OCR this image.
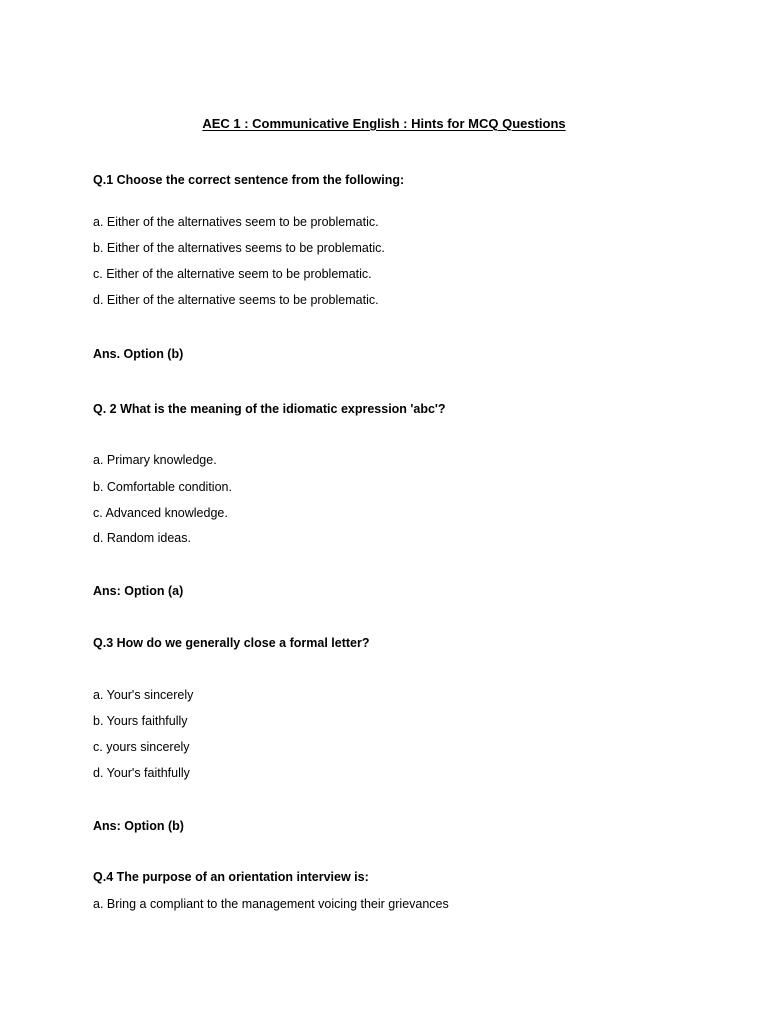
AEC 1 : Communicative English : Hints for MCQ Questions
Q.1 Choose the correct sentence from the following:
a. Either of the alternatives seem to be problematic.
b. Either of the alternatives seems to be problematic.
c. Either of the alternative seem to be problematic.
d. Either of the alternative seems to be problematic.
Ans. Option (b)
Q. 2 What is the meaning of the idiomatic expression 'abc'?
a. Primary knowledge.
b. Comfortable condition.
c. Advanced knowledge.
d. Random ideas.
Ans: Option (a)
Q.3 How do we generally close a formal letter?
a. Your's sincerely
b. Yours faithfully
c. yours sincerely
d. Your's faithfully
Ans: Option (b)
Q.4 The purpose of an orientation interview is:
a. Bring a compliant to the management voicing their grievances
